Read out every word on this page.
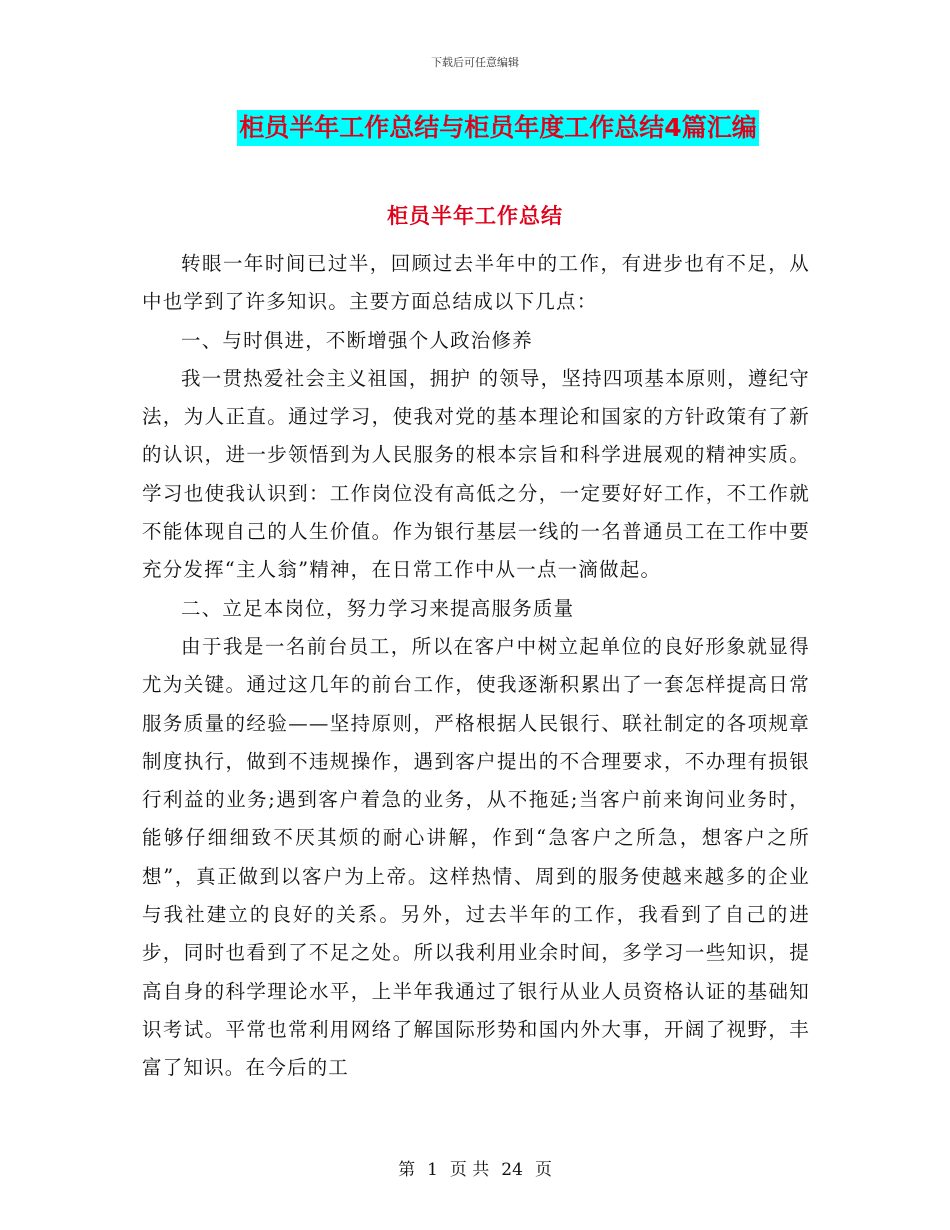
下载后可任意编辑
柜员半年工作总结与柜员年度工作总结4篇汇编
柜员半年工作总结

转眼一年时间已过半，回顾过去半年中的工作，有进步也有不足，从中也学到了许多知识。主要方面总结成以下几点：

一、与时俱进，不断增强个人政治修养

我一贯热爱社会主义祖国，拥护 的领导，坚持四项基本原则，遵纪守法，为人正直。通过学习，使我对党的基本理论和国家的方针政策有了新的认识，进一步领悟到为人民服务的根本宗旨和科学进展观的精神实质。学习也使我认识到：工作岗位没有高低之分，一定要好好工作，不工作就不能体现自己的人生价值。作为银行基层一线的一名普通员工在工作中要充分发挥“主人翁”精神，在日常工作中从一点一滴做起。

二、立足本岗位，努力学习来提高服务质量

由于我是一名前台员工，所以在客户中树立起单位的良好形象就显得尤为关键。通过这几年的前台工作，使我逐渐积累出了一套怎样提高日常服务质量的经验——坚持原则，严格根据人民银行、联社制定的各项规章制度执行，做到不违规操作，遇到客户提出的不合理要求，不办理有损银行利益的业务;遇到客户着急的业务，从不拖延;当客户前来询问业务时，能够仔细细致不厌其烦的耐心讲解，作到“急客户之所急，想客户之所想”，真正做到以客户为上帝。这样热情、周到的服务使越来越多的企业与我社建立的良好的关系。另外，过去半年的工作，我看到了自己的进步，同时也看到了不足之处。所以我利用业余时间，多学习一些知识，提高自身的科学理论水平，上半年我通过了银行从业人员资格认证的基础知识考试。平常也常利用网络了解国际形势和国内外大事，开阔了视野，丰富了知识。在今后的工

第 1 页 共 24 页
